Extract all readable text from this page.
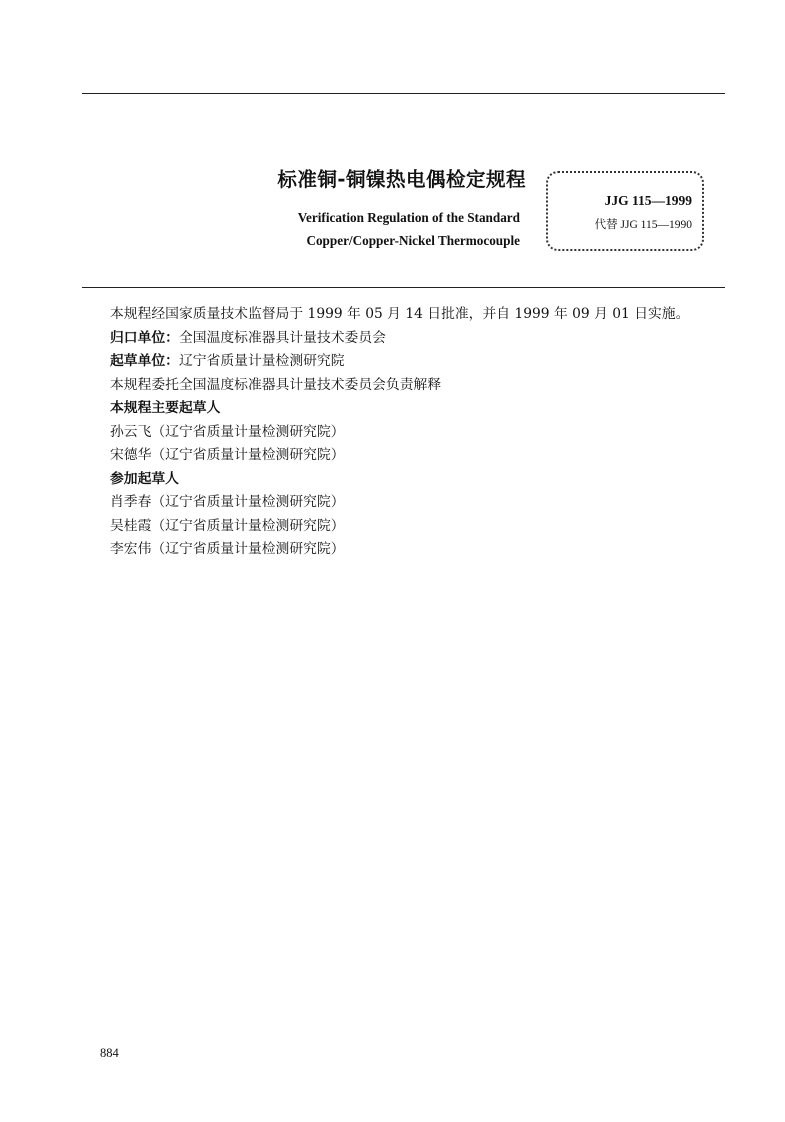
标准铜-铜镍热电偶检定规程
Verification Regulation of the Standard
Copper/Copper-Nickel Thermocouple
JJG 115—1999
代替 JJG 115—1990

本规程经国家质量技术监督局于 1999 年 05 月 14 日批准，并自 1999 年 09 月 01 日实施。

归口单位：全国温度标准器具计量技术委员会

起草单位：辽宁省质量计量检测研究院

本规程委托全国温度标准器具计量技术委员会负责解释

本规程主要起草人

孙云飞（辽宁省质量计量检测研究院）

宋德华（辽宁省质量计量检测研究院）

参加起草人

肖季春（辽宁省质量计量检测研究院）

吴桂霞（辽宁省质量计量检测研究院）

李宏伟（辽宁省质量计量检测研究院）

884
